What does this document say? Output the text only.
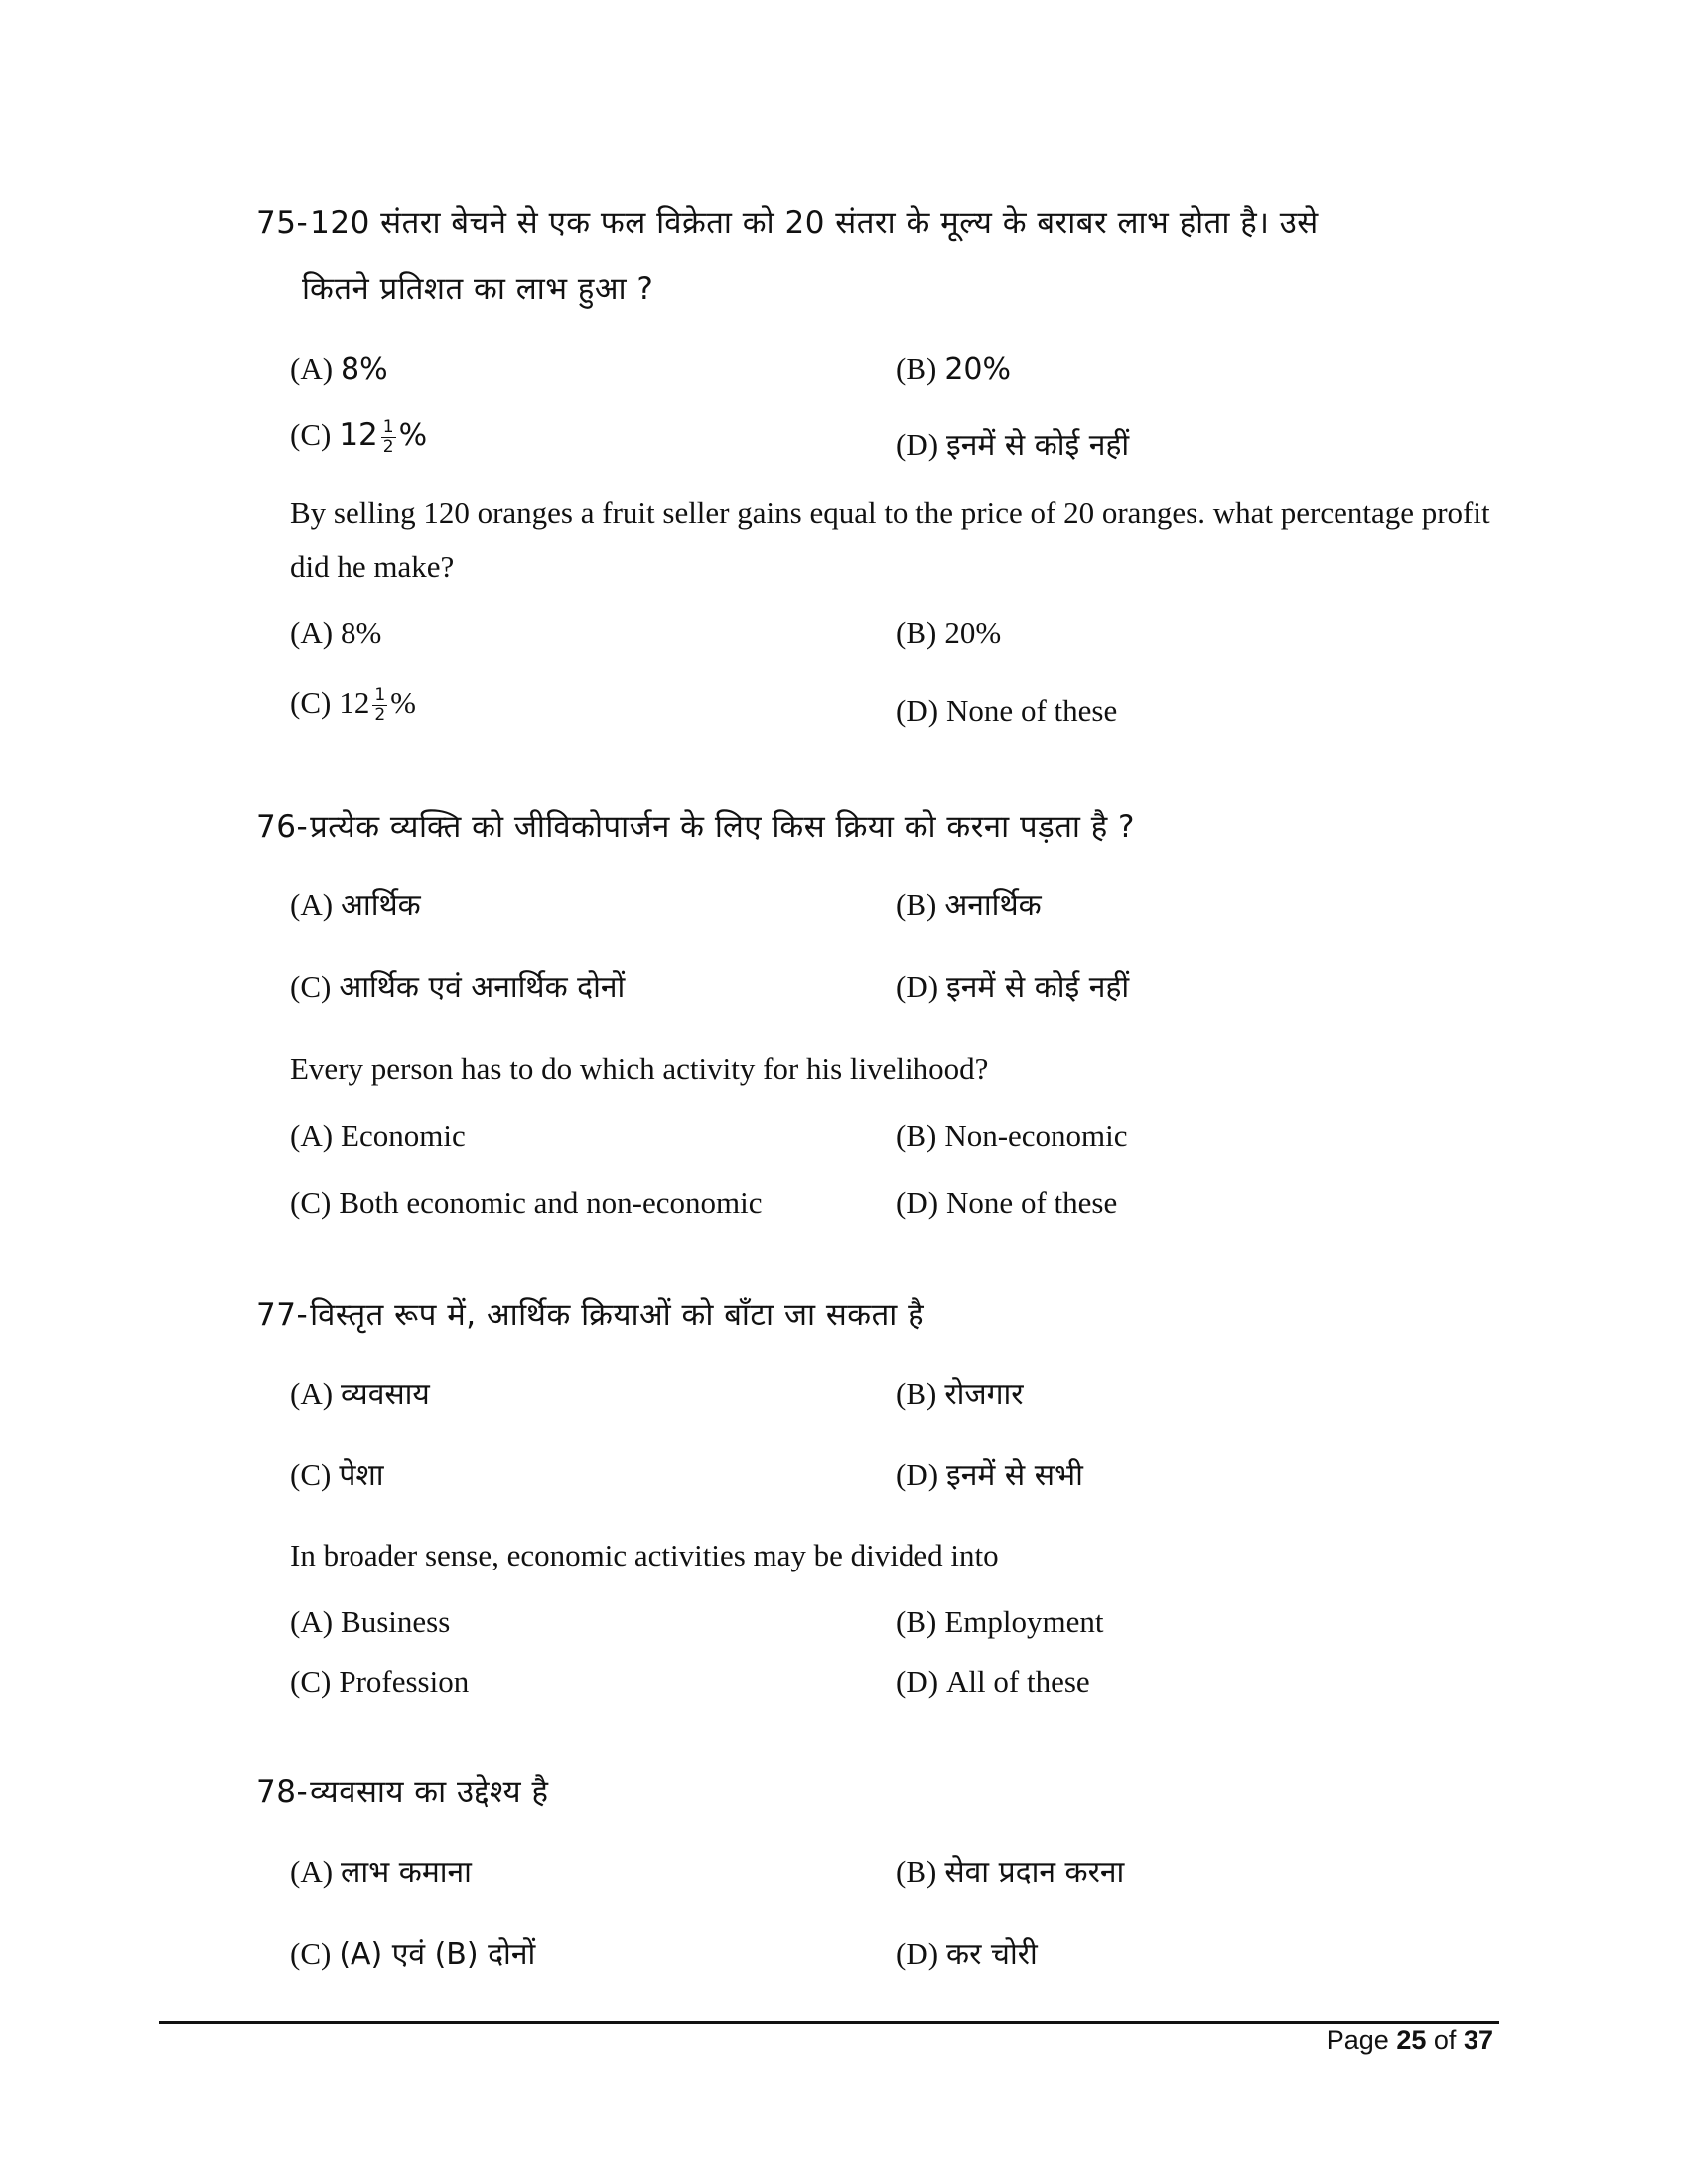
75-120 संतरा बेचने से एक फल विक्रेता को 20 संतरा के मूल्य के बराबर लाभ होता है। उसे
कितने प्रतिशत का लाभ हुआ ?
(A) 8%	(B) 20%
(C) $12 \frac{1}{2}$ %	(D) इनमें से कोई नहीं
By selling 120 oranges a fruit seller gains equal to the price of 20 oranges. what percentage profit did he make?
(A) 8%	(B) 20%
(C) $12 \frac{1}{2}$ %	(D) None of these
76-प्रत्येक व्यक्ति को जीविकोपार्जन के लिए किस क्रिया को करना पड़ता है ?
(A) आर्थिक	(B) अनार्थिक
(C) आर्थिक एवं अनार्थिक दोनों	(D) इनमें से कोई नहीं
Every person has to do which activity for his livelihood?
(A) Economic	(B) Non-economic
(C) Both economic and non-economic	(D) None of these
77-विस्तृत रूप में, आर्थिक क्रियाओं को बाँटा जा सकता है
(A) व्यवसाय	(B) रोजगार
(C) पेशा	(D) इनमें से सभी
In broader sense, economic activities may be divided into
(A) Business	(B) Employment
(C) Profession	(D) All of these
78-व्यवसाय का उद्देश्य है
(A) लाभ कमाना	(B) सेवा प्रदान करना
(C) (A) एवं (B) दोनों	(D) कर चोरी
Page 25 of 37
